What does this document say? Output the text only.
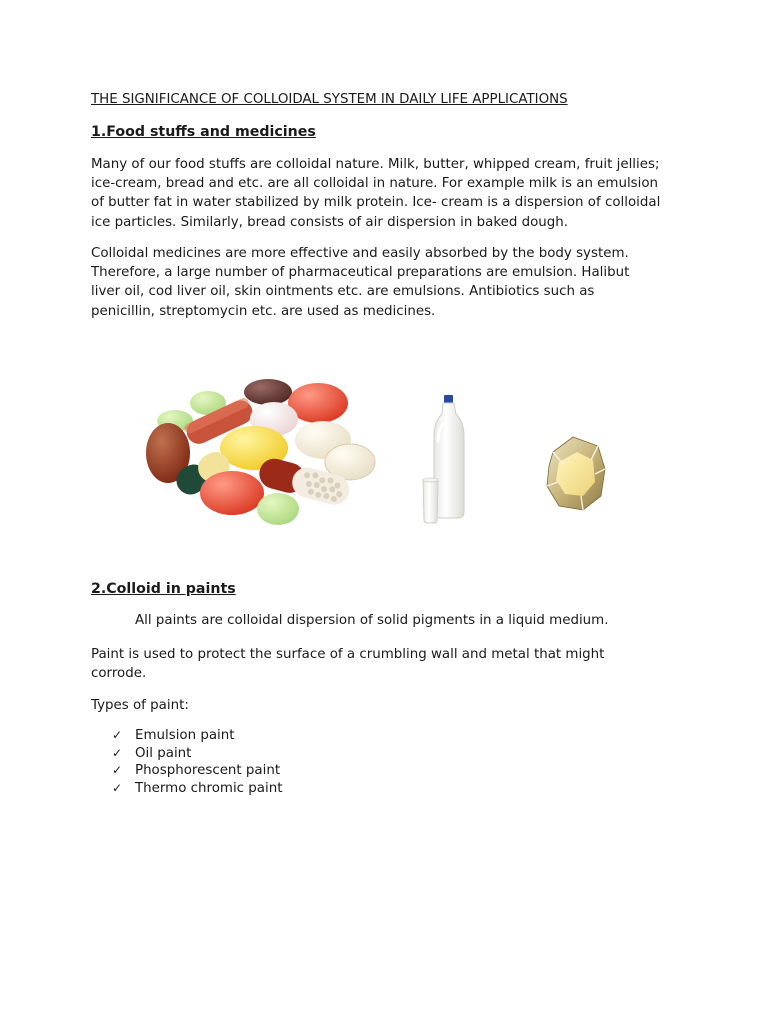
THE SIGNIFICANCE OF COLLOIDAL SYSTEM IN DAILY LIFE APPLICATIONS

1.Food stuffs and medicines

Many of our food stuffs are colloidal nature. Milk, butter, whipped cream, fruit jellies;
ice-cream, bread and etc. are all colloidal in nature. For example milk is an emulsion
of butter fat in water stabilized by milk protein. Ice- cream is a dispersion of colloidal
ice particles. Similarly, bread consists of air dispersion in baked dough.

Colloidal medicines are more effective and easily absorbed by the body system.
Therefore, a large number of pharmaceutical preparations are emulsion. Halibut
liver oil, cod liver oil, skin ointments etc. are emulsions. Antibiotics such as
penicillin, streptomycin etc. are used as medicines.

2.Colloid in paints

All paints are colloidal dispersion of solid pigments in a liquid medium.

Paint is used to protect the surface of a crumbling wall and metal that might
corrode.

Types of paint:

✓ Emulsion paint
✓ Oil paint
✓ Phosphorescent paint
✓ Thermo chromic paint
